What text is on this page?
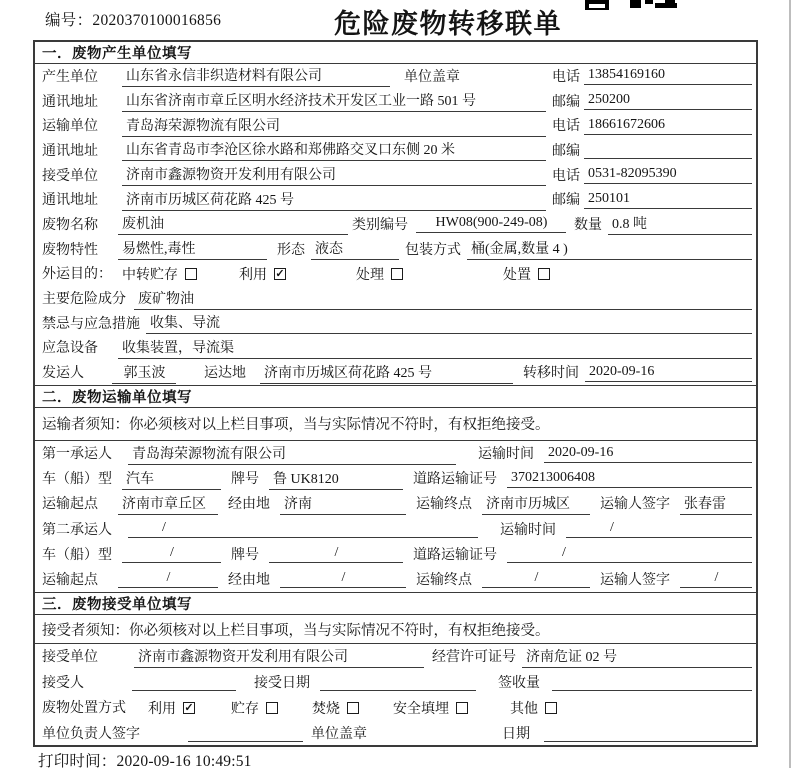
编号：2020370100016856	危险废物转移联单
一．废物产生单位填写
产生单位 山东省永信非织造材料有限公司	单位盖章	电话 13854169160
通讯地址 山东省济南市章丘区明水经济技术开发区工业一路 501 号	邮编 250200
运输单位 青岛海荣源物流有限公司	电话 18661672606
通讯地址 山东省青岛市李沧区徐水路和郑佛路交叉口东侧 20 米	邮编
接受单位 济南市鑫源物资开发利用有限公司	电话 0531-82095390
通讯地址 济南市历城区荷花路 425 号	邮编 250101
废物名称 废机油	类别编号	HW08(900-249-08)	数量 0.8 吨
废物特性 易燃性,毒性	形态 液态	包装方式 桶(金属,数量 4 )
外运目的： 中转贮存	利用 ✓	处理	处置
主要危险成分 废矿物油
禁忌与应急措施 收集、导流
应急设备 收集装置，导流渠
发运人	郭玉波	运达地 济南市历城区荷花路 425 号	转移时间 2020-09-16
二．废物运输单位填写
运输者须知：你必须核对以上栏目事项，当与实际情况不符时，有权拒绝接受。
第一承运人 青岛海荣源物流有限公司	运输时间 2020-09-16
车（船）型 汽车	牌号 鲁 UK8120	道路运输证号 370213006408
运输起点 济南市章丘区	经由地 济南	运输终点 济南市历城区	运输人签字 张春雷
第二承运人	/	运输时间	/
车（船）型	/	牌号	/	道路运输证号	/
运输起点	/	经由地	/	运输终点	/	运输人签字	/
三．废物接受单位填写
接受者须知：你必须核对以上栏目事项，当与实际情况不符时，有权拒绝接受。
接受单位	济南市鑫源物资开发利用有限公司	经营许可证号 济南危证 02 号
接受人	接受日期	签收量
废物处置方式 利用 ✓	贮存	焚烧	安全填埋	其他
单位负责人签字	单位盖章	日期
打印时间：2020-09-16 10:49:51
